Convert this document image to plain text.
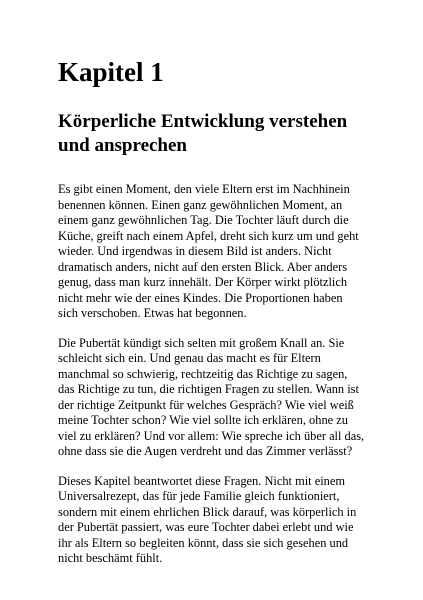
Kapitel 1
Körperliche Entwicklung verstehen und ansprechen

Es gibt einen Moment, den viele Eltern erst im Nachhinein benennen können. Einen ganz gewöhnlichen Moment, an einem ganz gewöhnlichen Tag. Die Tochter läuft durch die Küche, greift nach einem Apfel, dreht sich kurz um und geht wieder. Und irgendwas in diesem Bild ist anders. Nicht dramatisch anders, nicht auf den ersten Blick. Aber anders genug, dass man kurz innehält. Der Körper wirkt plötzlich nicht mehr wie der eines Kindes. Die Proportionen haben sich verschoben. Etwas hat begonnen.

Die Pubertät kündigt sich selten mit großem Knall an. Sie schleicht sich ein. Und genau das macht es für Eltern manchmal so schwierig, rechtzeitig das Richtige zu sagen, das Richtige zu tun, die richtigen Fragen zu stellen. Wann ist der richtige Zeitpunkt für welches Gespräch? Wie viel weiß meine Tochter schon? Wie viel sollte ich erklären, ohne zu viel zu erklären? Und vor allem: Wie spreche ich über all das, ohne dass sie die Augen verdreht und das Zimmer verlässt?

Dieses Kapitel beantwortet diese Fragen. Nicht mit einem Universalrezept, das für jede Familie gleich funktioniert, sondern mit einem ehrlichen Blick darauf, was körperlich in der Pubertät passiert, was eure Tochter dabei erlebt und wie ihr als Eltern so begleiten könnt, dass sie sich gesehen und nicht beschämt fühlt.
